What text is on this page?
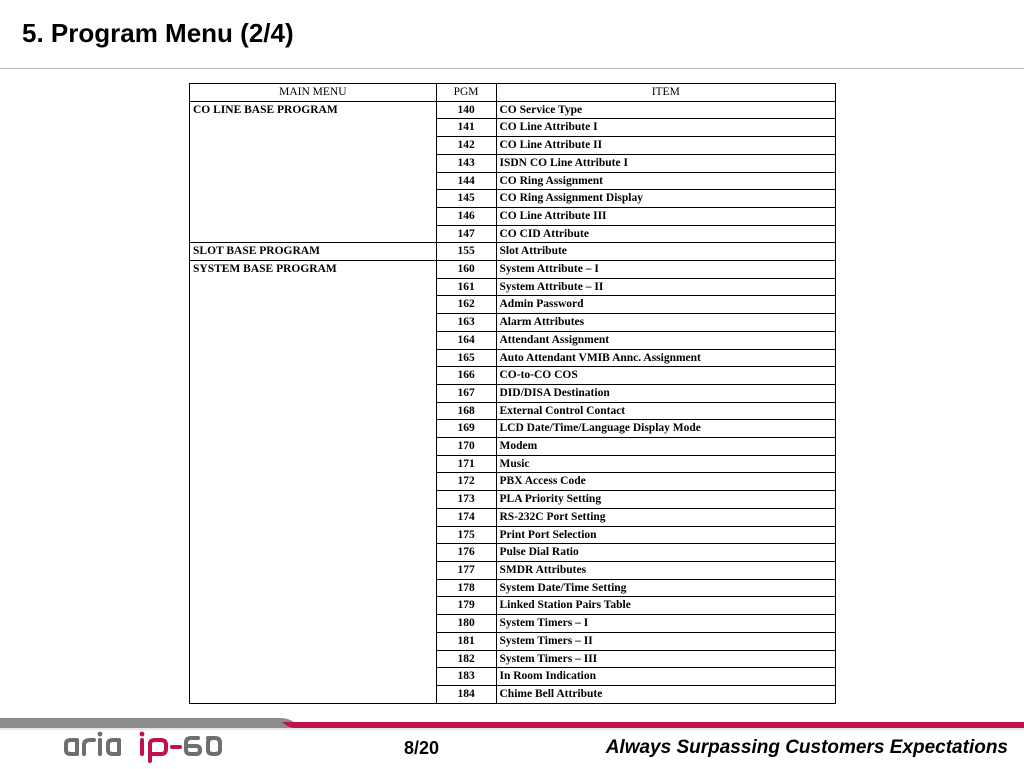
5. Program Menu (2/4)
MAIN MENU	PGM	ITEM
CO LINE BASE PROGRAM	140	CO Service Type
	141	CO Line Attribute I
	142	CO Line Attribute II
	143	ISDN CO Line Attribute I
	144	CO Ring Assignment
	145	CO Ring Assignment Display
	146	CO Line Attribute III
	147	CO CID Attribute
SLOT BASE PROGRAM	155	Slot Attribute
SYSTEM BASE PROGRAM	160	System Attribute – I
	161	System Attribute – II
	162	Admin Password
	163	Alarm Attributes
	164	Attendant Assignment
	165	Auto Attendant VMIB Annc. Assignment
	166	CO-to-CO COS
	167	DID/DISA Destination
	168	External Control Contact
	169	LCD Date/Time/Language Display Mode
	170	Modem
	171	Music
	172	PBX Access Code
	173	PLA Priority Setting
	174	RS-232C Port Setting
	175	Print Port Selection
	176	Pulse Dial Ratio
	177	SMDR Attributes
	178	System Date/Time Setting
	179	Linked Station Pairs Table
	180	System Timers – I
	181	System Timers – II
	182	System Timers – III
	183	In Room Indication
	184	Chime Bell Attribute
8/20	Always Surpassing Customers Expectations
